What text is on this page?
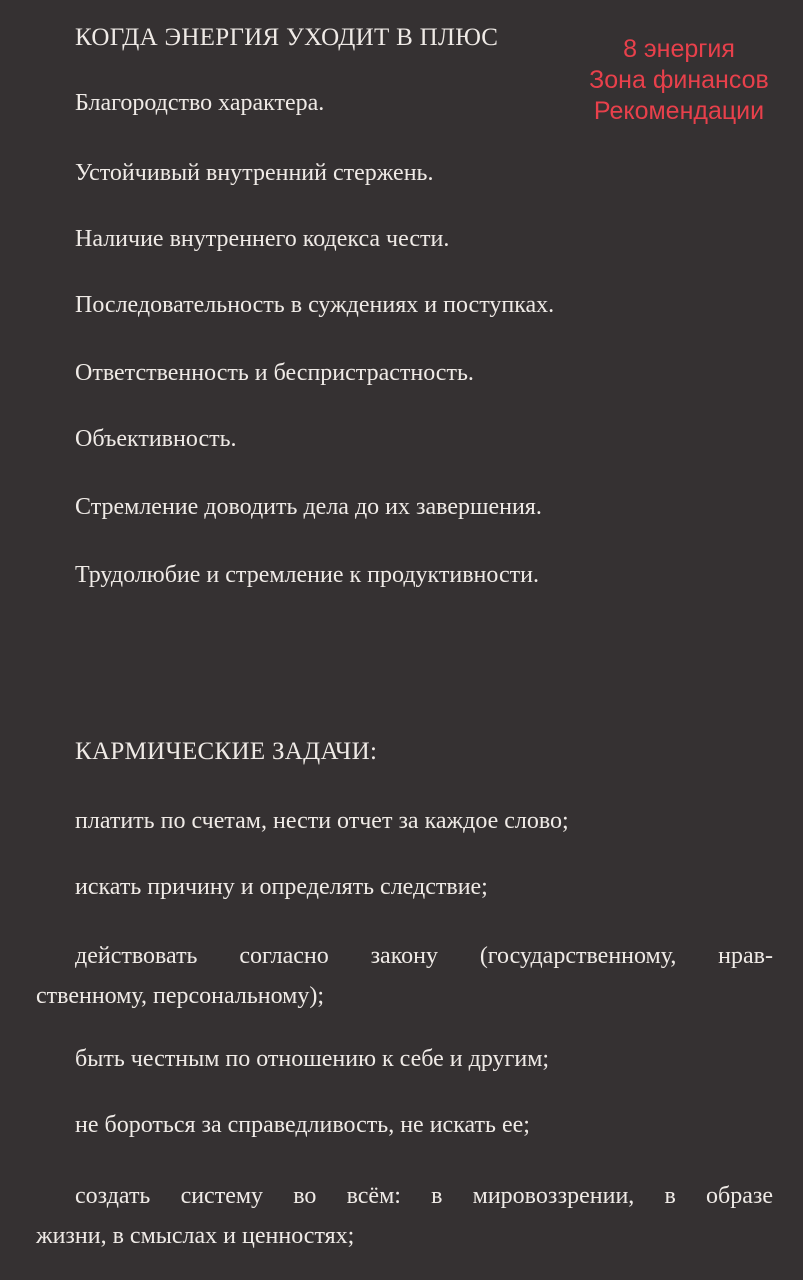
КОГДА ЭНЕРГИЯ УХОДИТ В ПЛЮС
Благородство характера.
Устойчивый внутренний стержень.
Наличие внутреннего кодекса чести.
Последовательность в суждениях и поступках.
Ответственность и беспристрастность.
Объективность.
Стремление доводить дела до их завершения.
Трудолюбие и стремление к продуктивности.
КАРМИЧЕСКИЕ ЗАДАЧИ:
платить по счетам, нести отчет за каждое слово;
искать причину и определять следствие;
действовать согласно закону (государственному, нрав-
ственному, персональному);
быть честным по отношению к себе и другим;
не бороться за справедливость, не искать ее;
создать систему во всём: в мировоззрении, в образе
жизни, в смыслах и ценностях;
8 энергия
Зона финансов
Рекомендации
